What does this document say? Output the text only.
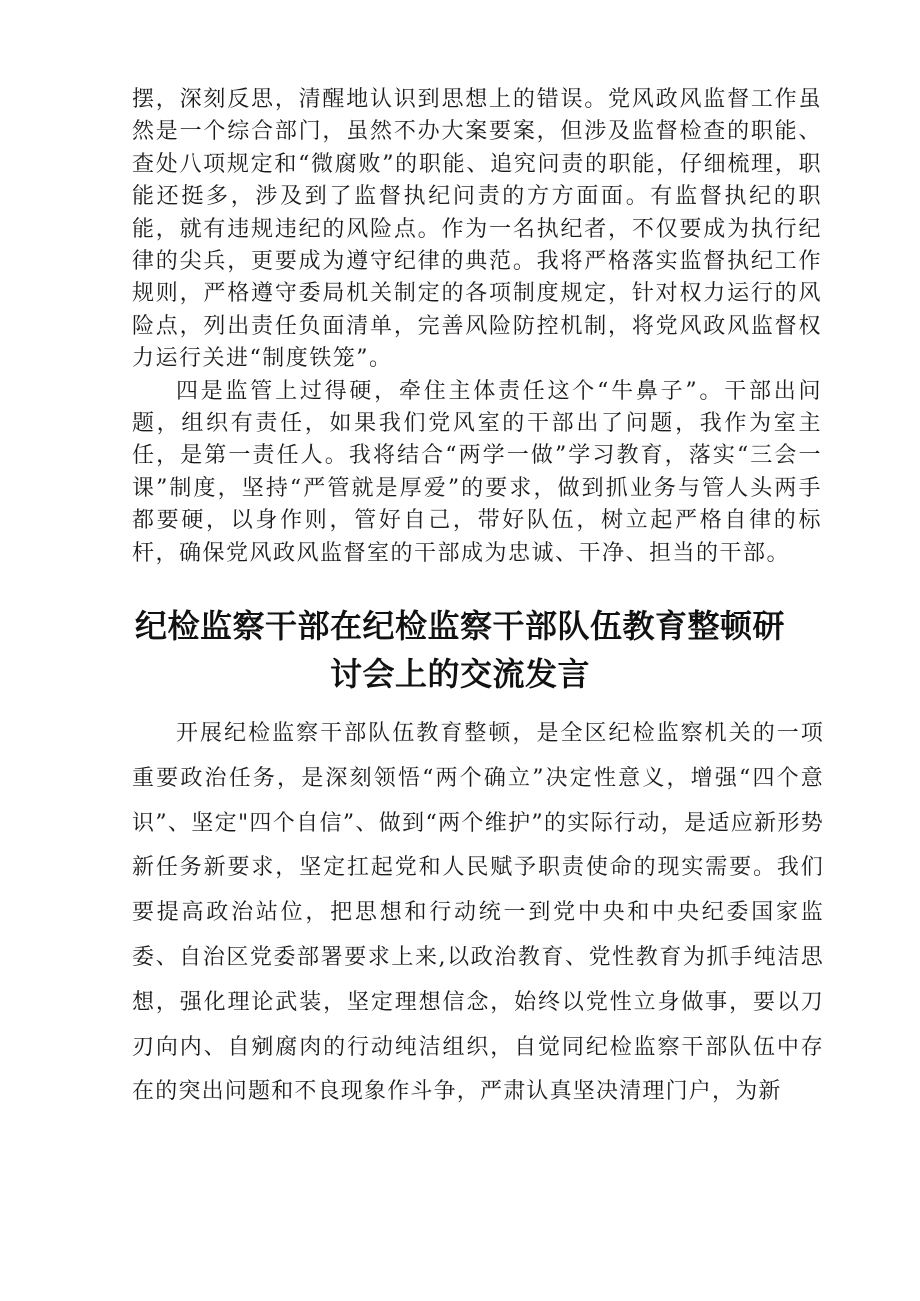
摆，深刻反思，清醒地认识到思想上的错误。党风政风监督工作虽然是一个综合部门，虽然不办大案要案，但涉及监督检查的职能、查处八项规定和“微腐败”的职能、追究问责的职能，仔细梳理，职能还挺多，涉及到了监督执纪问责的方方面面。有监督执纪的职能，就有违规违纪的风险点。作为一名执纪者，不仅要成为执行纪律的尖兵，更要成为遵守纪律的典范。我将严格落实监督执纪工作规则，严格遵守委局机关制定的各项制度规定，针对权力运行的风险点，列出责任负面清单，完善风险防控机制，将党风政风监督权力运行关进“制度铁笼”。

四是监管上过得硬，牵住主体责任这个“牛鼻子”。干部出问题，组织有责任，如果我们党风室的干部出了问题，我作为室主任，是第一责任人。我将结合“两学一做”学习教育，落实“三会一课”制度，坚持“严管就是厚爱”的要求，做到抓业务与管人头两手都要硬，以身作则，管好自己，带好队伍，树立起严格自律的标杆，确保党风政风监督室的干部成为忠诚、干净、担当的干部。

纪检监察干部在纪检监察干部队伍教育整顿研
讨会上的交流发言

开展纪检监察干部队伍教育整顿，是全区纪检监察机关的一项重要政治任务，是深刻领悟“两个确立”决定性意义，增强“四个意识”、坚定"四个自信”、做到“两个维护”的实际行动，是适应新形势新任务新要求，坚定扛起党和人民赋予职责使命的现实需要。我们要提高政治站位，把思想和行动统一到党中央和中央纪委国家监委、自治区党委部署要求上来,以政治教育、党性教育为抓手纯洁思想，强化理论武装，坚定理想信念，始终以党性立身做事，要以刀刃向内、自剜腐肉的行动纯洁组织，自觉同纪检监察干部队伍中存在的突出问题和不良现象作斗争，严肃认真坚决清理门户，为新
